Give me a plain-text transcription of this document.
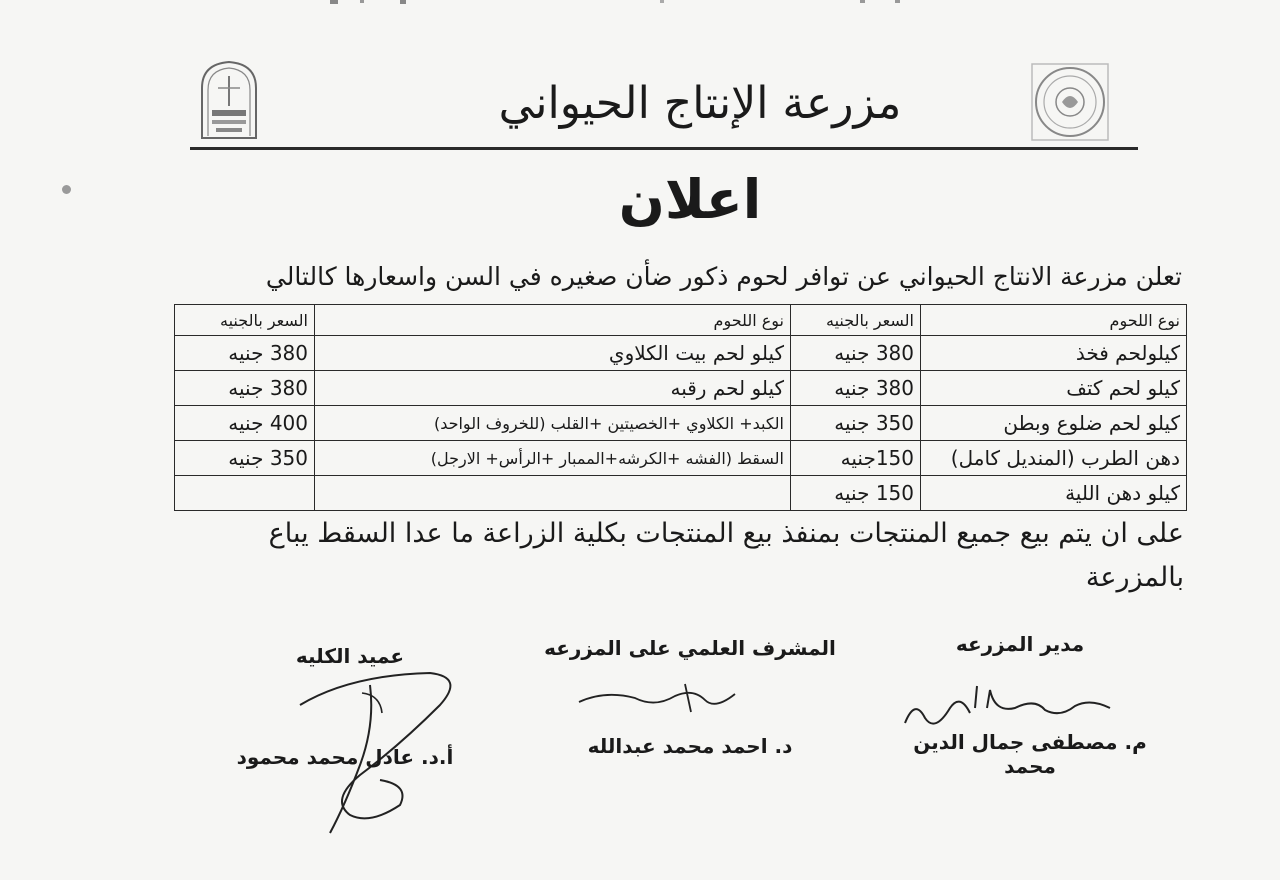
مزرعة الإنتاج الحيواني
اعلان
تعلن مزرعة الانتاج الحيواني عن توافر لحوم ذكور ضأن صغيره في السن واسعارها كالتالي
نوع اللحوم	السعر بالجنيه	نوع اللحوم	السعر بالجنيه
كيلولحم فخذ	380 جنيه	كيلو لحم بيت الكلاوي	380 جنيه
كيلو لحم كتف	380 جنيه	كيلو لحم رقبه	380 جنيه
كيلو لحم ضلوع وبطن	350 جنيه	الكبد+ الكلاوي +الخصيتين +القلب (للخروف الواحد)	400 جنيه
دهن الطرب (المنديل كامل)	150جنيه	السقط (الفشه +الكرشه+الممبار +الرأس+ الارجل)	350 جنيه
كيلو دهن اللية	150 جنيه		
على ان يتم بيع جميع المنتجات بمنفذ بيع المنتجات بكلية الزراعة ما عدا السقط يباع بالمزرعة
مدير المزرعه
م. مصطفى جمال الدين محمد
المشرف العلمي على المزرعه
د. احمد محمد عبدالله
عميد الكليه
أ.د. عادل محمد محمود
